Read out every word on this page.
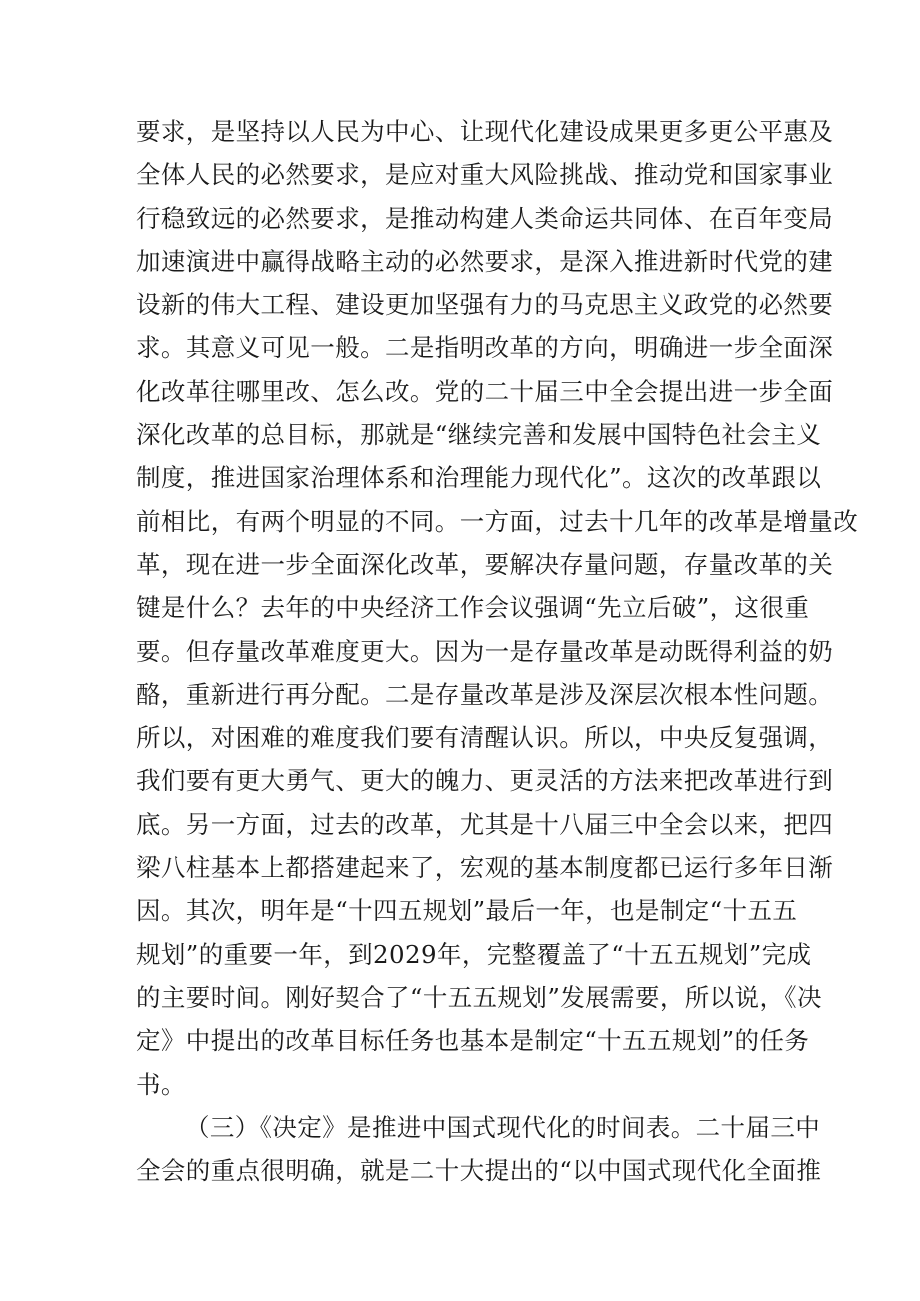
要求，是坚持以人民为中心、让现代化建设成果更多更公平惠及
全体人民的必然要求，是应对重大风险挑战、推动党和国家事业
行稳致远的必然要求，是推动构建人类命运共同体、在百年变局
加速演进中赢得战略主动的必然要求，是深入推进新时代党的建
设新的伟大工程、建设更加坚强有力的马克思主义政党的必然要
求。其意义可见一般。二是指明改革的方向，明确进一步全面深
化改革往哪里改、怎么改。党的二十届三中全会提出进一步全面
深化改革的总目标，那就是“继续完善和发展中国特色社会主义
制度，推进国家治理体系和治理能力现代化”。这次的改革跟以
前相比，有两个明显的不同。一方面，过去十几年的改革是增量改
革，现在进一步全面深化改革，要解决存量问题，存量改革的关
键是什么？去年的中央经济工作会议强调“先立后破”，这很重
要。但存量改革难度更大。因为一是存量改革是动既得利益的奶
酪，重新进行再分配。二是存量改革是涉及深层次根本性问题。
所以，对困难的难度我们要有清醒认识。所以，中央反复强调，
我们要有更大勇气、更大的魄力、更灵活的方法来把改革进行到
底。另一方面，过去的改革，尤其是十八届三中全会以来，把四
梁八柱基本上都搭建起来了，宏观的基本制度都已运行多年日渐
因。其次，明年是“十四五规划”最后一年，也是制定“十五五
规划”的重要一年，到2029年，完整覆盖了“十五五规划”完成
的主要时间。刚好契合了“十五五规划”发展需要，所以说，《决
定》中提出的改革目标任务也基本是制定“十五五规划”的任务
书。
（三）《决定》是推进中国式现代化的时间表。二十届三中
全会的重点很明确，就是二十大提出的“以中国式现代化全面推
